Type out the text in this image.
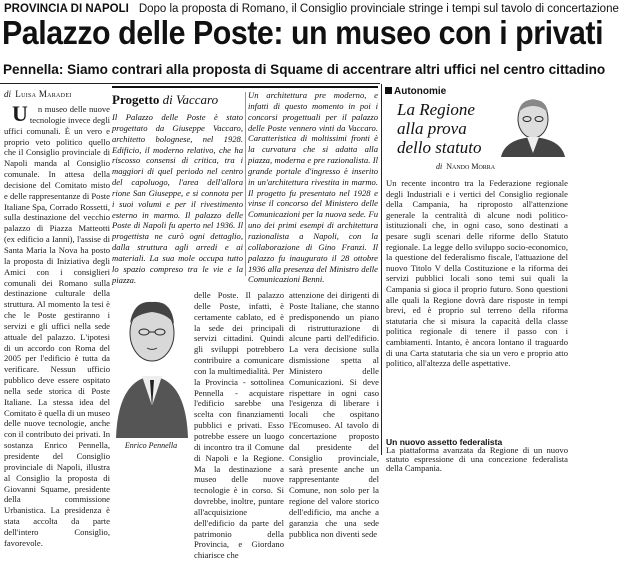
PROVINCIA DI NAPOLI Dopo la proposta di Romano, il Consiglio provinciale stringe i tempi sul tavolo di concertazione
Palazzo delle Poste: un museo con i privati
Pennella: Siamo contrari alla proposta di Squame di accentrare altri uffici nel centro cittadino
di Luisa Maradei

U n museo delle nuove tecnologie invece degli uffici comunali. È un vero e proprio veto politico quello che il Consiglio provinciale di Napoli manda al Consiglio comunale. In attesa della decisione del Comitato misto e delle rappresentanze di Poste Italiane Spa, Corrado Rossetti, sulla destinazione del vecchio palazzo di Piazza Matteotti (ex edificio a Ianni), l'assise di Santa Maria la Nova ha posto la proposta di Iniziativa degli Amici con i consiglieri comunali dei Romano sulla destinazione culturale della struttura. Al momento la tesi è che le Poste gestiranno i servizi e gli uffici nella sede attuale del palazzo. L'ipotesi di un accordo con Roma del 2005 per l'edificio è tutta da verificare. Nessun ufficio pubblico deve essere ospitato nella sede storica di Poste Italiane. La stessa idea del Comitato è quella di un museo delle nuove tecnologie, anche con il contributo dei privati. In sostanza Enrico Pennella, presidente del Consiglio provinciale di Napoli, illustra al Consiglio la proposta di Giovanni Squame, presidente della commissione Urbanistica. La presidenza è stata accolta da parte dell'intero Consiglio, favorevole.

Progetto di Vaccaro
Il Palazzo delle Poste è stato progettato da Giuseppe Vaccaro, architetto bolognese, nel 1928. Edificio, il moderno relativo, che ha riscosso consensi di critica, tra i maggiori di quel periodo nel centro del capoluogo, l'area dell'allora rione San Giuseppe, e si connota per i suoi volumi e per il rivestimento esterno in marmo. Il palazzo delle Poste di Napoli fu aperto nel 1936. Il progettista ne curò ogni dettaglio, dalla struttura agli arredi e ai materiali. La sua mole occupa tutto lo spazio compreso tra le vie e la piazza.
Un architettura pre moderno, e infatti di questo momento in poi i concorsi progettuali per il palazzo delle Poste vennero vinti da Vaccaro. Caratteristica di moltissimi fronti è la curvatura che si adatta alla piazza, moderna e pre razionalista. Il grande portale d'ingresso è inserito in un'architettura rivestita in marmo. Il progetto fu presentato nel 1928 e vinse il concorso del Ministero delle Comunicazioni per la nuova sede. Fu uno dei primi esempi di architettura razionalista a Napoli, con la collaborazione di Gino Franzi. Il palazzo fu inaugurato il 28 ottobre 1936 alla presenza del Ministro delle Comunicazioni Benni.
Enrico Pennella
delle Poste. Il palazzo delle Poste, infatti, è certamente cablato, ed è la sede dei principali servizi cittadini. Quindi gli sviluppi potrebbero contribuire a comunicare con la multimedialità. Per la Provincia - sottolinea Pennella - acquistare l'edificio sarebbe una scelta con finanziamenti pubblici e privati. Esso potrebbe essere un luogo di incontro tra il Comune di Napoli e la Regione. Ma la destinazione a museo delle nuove tecnologie è in corso. Si dovrebbe, inoltre, puntare all'acquisizione dell'edificio da parte del patrimonio della Provincia, e Giordano chiarisce che
attenzione dei dirigenti di Poste Italiane, che stanno predisponendo un piano di ristrutturazione di alcune parti dell'edificio. La vera decisione sulla dismissione spetta al Ministero delle Comunicazioni. Si deve rispettare in ogni caso l'esigenza di liberare i locali che ospitano l'Ecomuseo. Al tavolo di concertazione proposto dal presidente del Consiglio provinciale, sarà presente anche un rappresentante del Comune, non solo per la regione del valore storico dell'edificio, ma anche a garanzia che una sede pubblica non diventi sede
Autonomie
La Regione alla prova dello statuto
di Nando Morra
Un recente incontro tra la Federazione regionale degli Industriali e i vertici del Consiglio regionale della Campania, ha riproposto all'attenzione generale la centralità di alcune nodi politico-istituzionali che, in ogni caso, sono destinati a pesare sugli scenari delle riforme dello Statuto regionale. La legge dello sviluppo socio-economico, la questione del federalismo fiscale, l'attuazione del nuovo Titolo V della Costituzione e la riforma dei servizi pubblici locali sono temi sui quali la Campania si gioca il proprio futuro. Sono questioni alle quali la Regione dovrà dare risposte in tempi brevi, ed è proprio sul terreno della riforma statutaria che si misura la capacità della classe politica regionale di tenere il passo con i cambiamenti. Intanto, è ancora lontano il traguardo di una Carta statutaria che sia un vero e proprio atto politico, all'altezza delle aspettative.
Un nuovo assetto federalista
La piattaforma avanzata da Regione di un nuovo statuto espressione di una concezione federalista della Campania.
